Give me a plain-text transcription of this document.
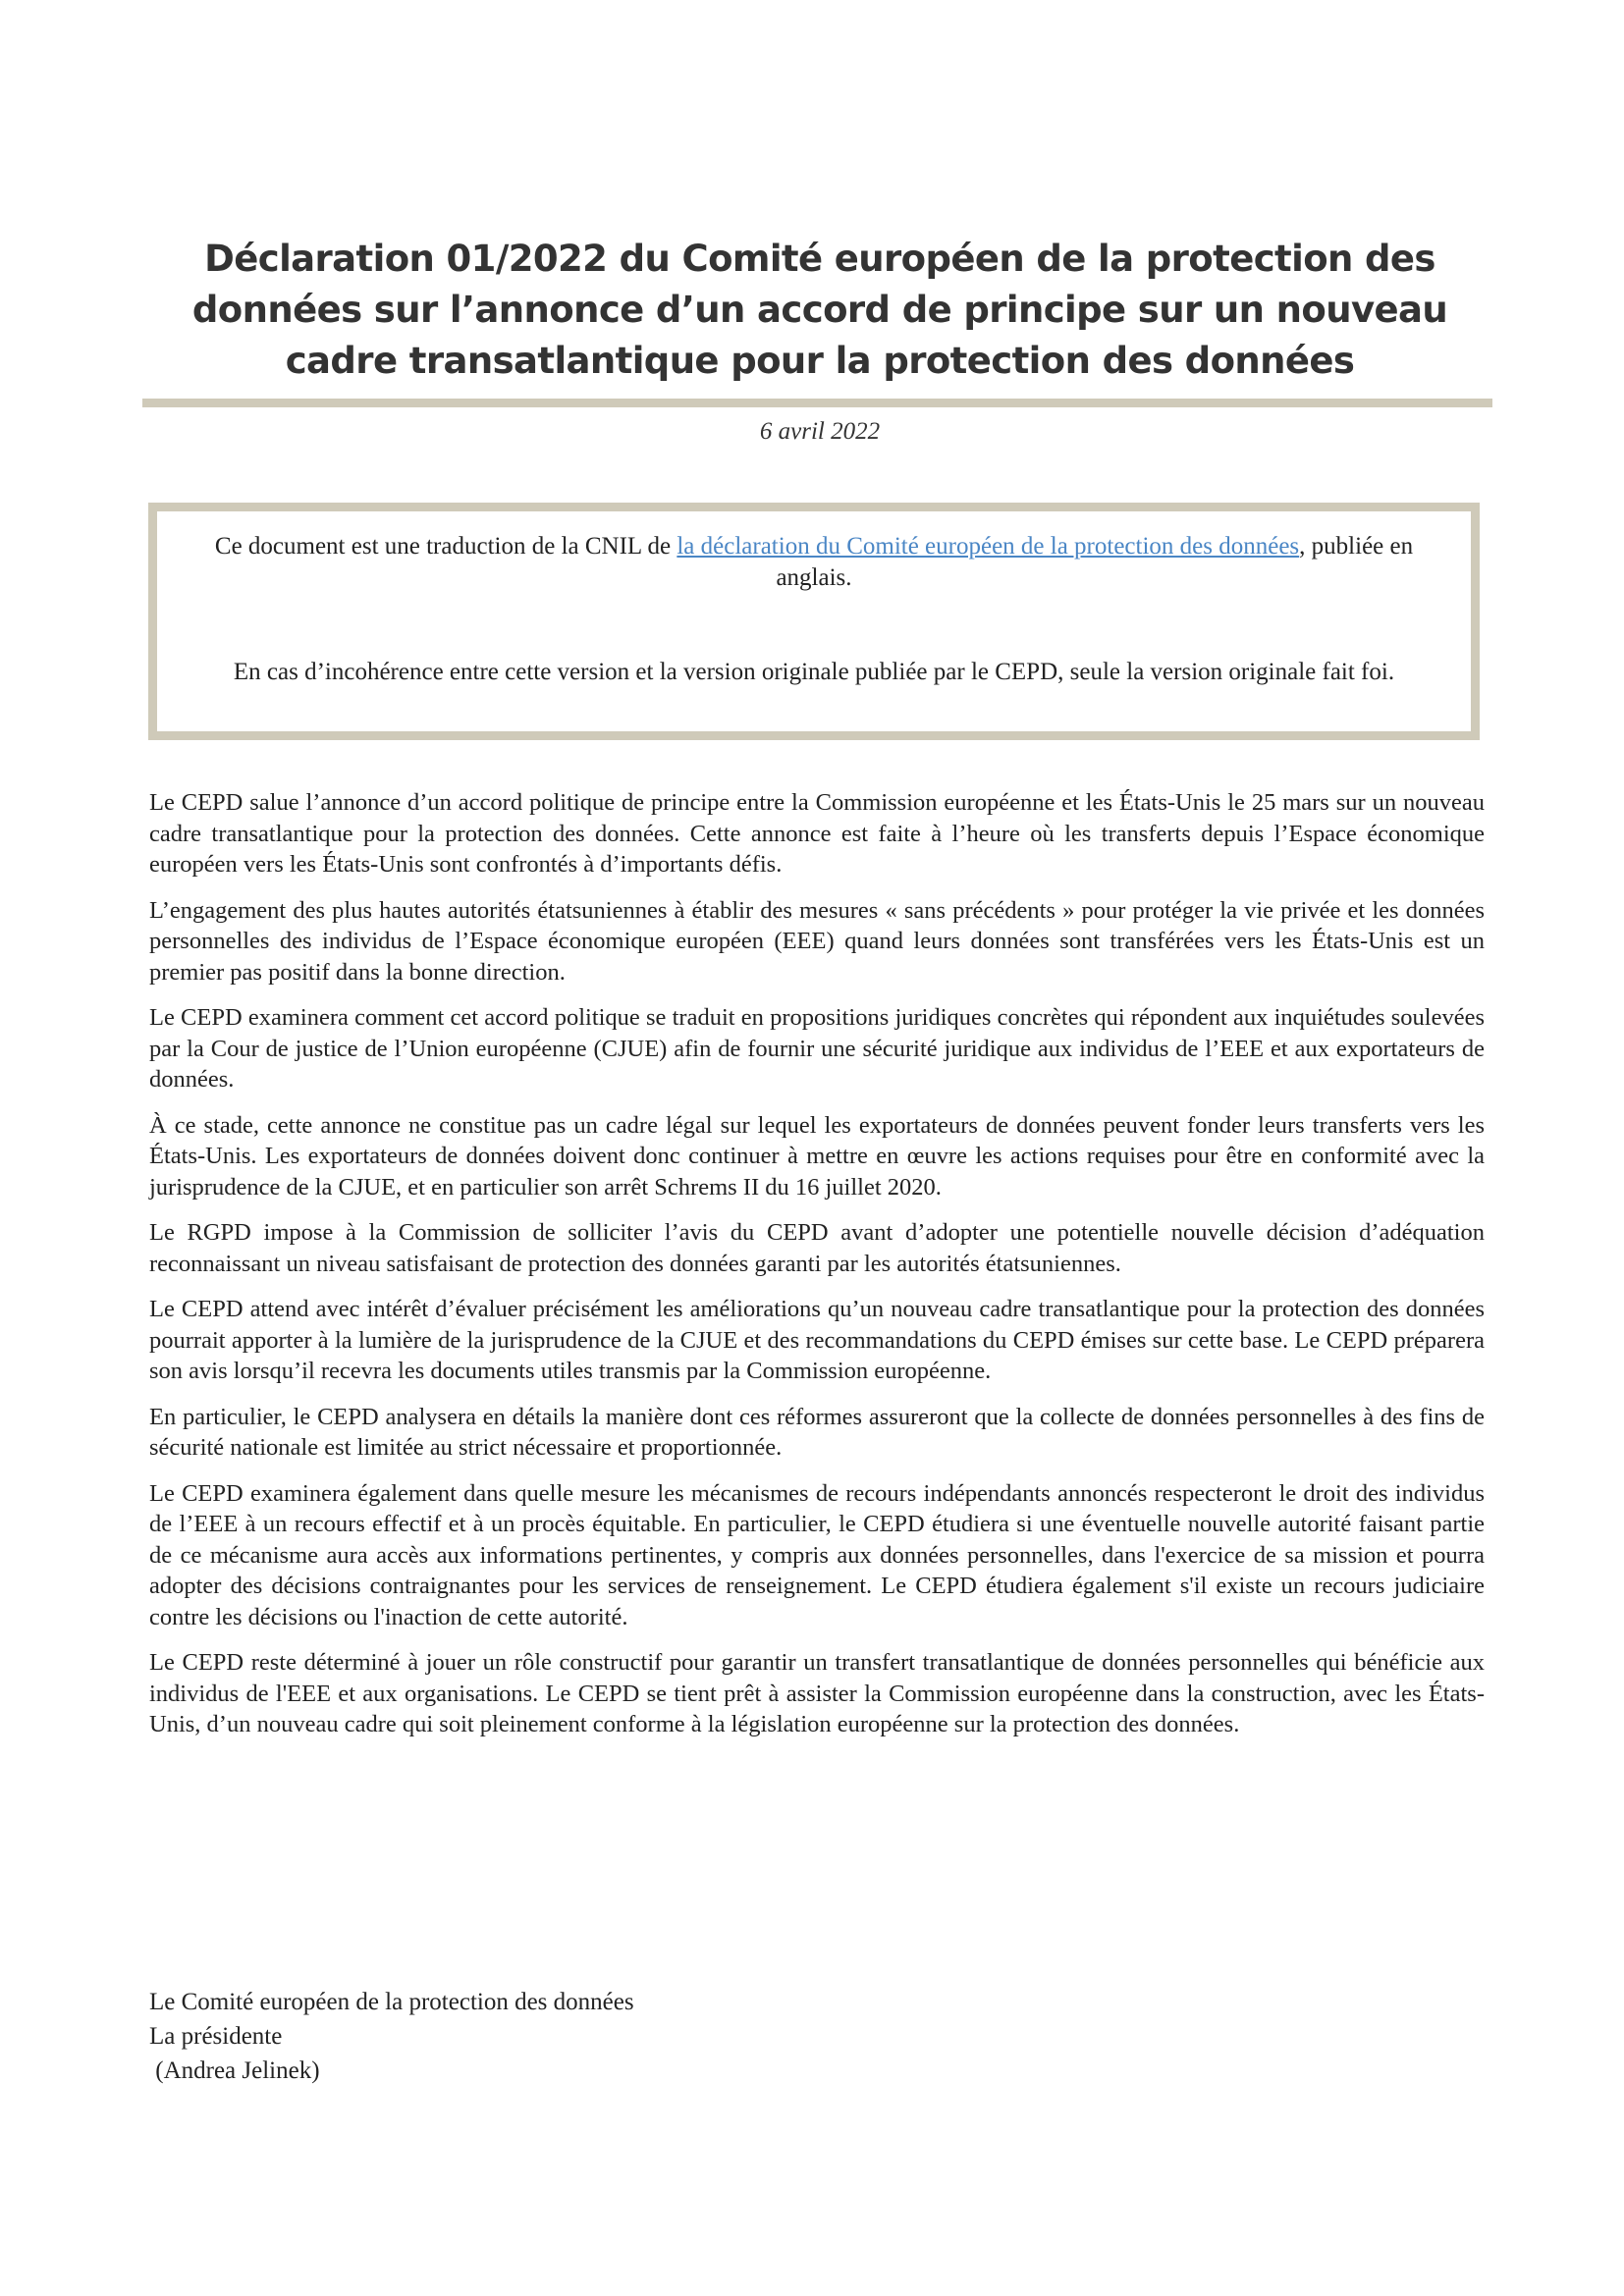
Déclaration 01/2022 du Comité européen de la protection des données sur l’annonce d’un accord de principe sur un nouveau cadre transatlantique pour la protection des données
6 avril 2022

Ce document est une traduction de la CNIL de la déclaration du Comité européen de la protection des données, publiée en anglais.

En cas d’incohérence entre cette version et la version originale publiée par le CEPD, seule la version originale fait foi.

Le CEPD salue l’annonce d’un accord politique de principe entre la Commission européenne et les États-Unis le 25 mars sur un nouveau cadre transatlantique pour la protection des données. Cette annonce est faite à l’heure où les transferts depuis l’Espace économique européen vers les États-Unis sont confrontés à d’importants défis.

L’engagement des plus hautes autorités étatsuniennes à établir des mesures « sans précédents » pour protéger la vie privée et les données personnelles des individus de l’Espace économique européen (EEE) quand leurs données sont transférées vers les États-Unis est un premier pas positif dans la bonne direction.

Le CEPD examinera comment cet accord politique se traduit en propositions juridiques concrètes qui répondent aux inquiétudes soulevées par la Cour de justice de l’Union européenne (CJUE) afin de fournir une sécurité juridique aux individus de l’EEE et aux exportateurs de données.

À ce stade, cette annonce ne constitue pas un cadre légal sur lequel les exportateurs de données peuvent fonder leurs transferts vers les États-Unis. Les exportateurs de données doivent donc continuer à mettre en œuvre les actions requises pour être en conformité avec la jurisprudence de la CJUE, et en particulier son arrêt Schrems II du 16 juillet 2020.

Le RGPD impose à la Commission de solliciter l’avis du CEPD avant d’adopter une potentielle nouvelle décision d’adéquation reconnaissant un niveau satisfaisant de protection des données garanti par les autorités étatsuniennes.

Le CEPD attend avec intérêt d’évaluer précisément les améliorations qu’un nouveau cadre transatlantique pour la protection des données pourrait apporter à la lumière de la jurisprudence de la CJUE et des recommandations du CEPD émises sur cette base. Le CEPD préparera son avis lorsqu’il recevra les documents utiles transmis par la Commission européenne.

En particulier, le CEPD analysera en détails la manière dont ces réformes assureront que la collecte de données personnelles à des fins de sécurité nationale est limitée au strict nécessaire et proportionnée.

Le CEPD examinera également dans quelle mesure les mécanismes de recours indépendants annoncés respecteront le droit des individus de l’EEE à un recours effectif et à un procès équitable. En particulier, le CEPD étudiera si une éventuelle nouvelle autorité faisant partie de ce mécanisme aura accès aux informations pertinentes, y compris aux données personnelles, dans l'exercice de sa mission et pourra adopter des décisions contraignantes pour les services de renseignement. Le CEPD étudiera également s'il existe un recours judiciaire contre les décisions ou l'inaction de cette autorité.

Le CEPD reste déterminé à jouer un rôle constructif pour garantir un transfert transatlantique de données personnelles qui bénéficie aux individus de l'EEE et aux organisations. Le CEPD se tient prêt à assister la Commission européenne dans la construction, avec les États-Unis, d’un nouveau cadre qui soit pleinement conforme à la législation européenne sur la protection des données.

Le Comité européen de la protection des données
La présidente
(Andrea Jelinek)
